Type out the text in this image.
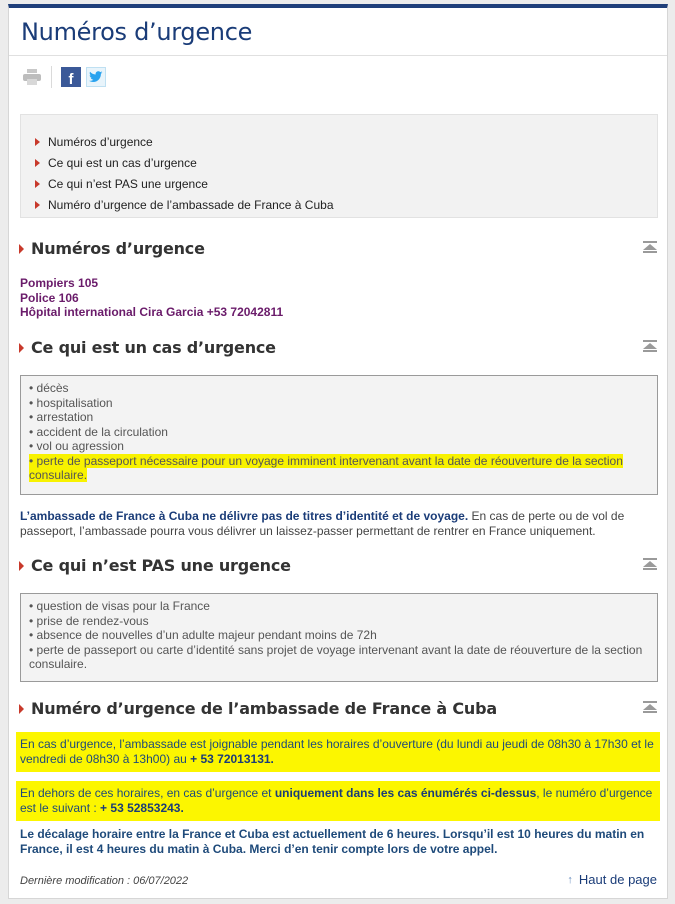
Numéros d’urgence
f
Numéros d’urgence
Ce qui est un cas d’urgence
Ce qui n’est PAS une urgence
Numéro d’urgence de l’ambassade de France à Cuba
Numéros d’urgence
Pompiers 105
Police 106
Hôpital international Cira Garcia +53 72042811
Ce qui est un cas d’urgence
• décès
• hospitalisation
• arrestation
• accident de la circulation
• vol ou agression
• perte de passeport nécessaire pour un voyage imminent intervenant avant la date de réouverture de la section consulaire.
L’ambassade de France à Cuba ne délivre pas de titres d’identité et de voyage. En cas de perte ou de vol de passeport, l’ambassade pourra vous délivrer un laissez-passer permettant de rentrer en France uniquement.
Ce qui n’est PAS une urgence
• question de visas pour la France
• prise de rendez-vous
• absence de nouvelles d’un adulte majeur pendant moins de 72h
• perte de passeport ou carte d’identité sans projet de voyage intervenant avant la date de réouverture de la section consulaire.
Numéro d’urgence de l’ambassade de France à Cuba
En cas d’urgence, l’ambassade est joignable pendant les horaires d’ouverture (du lundi au jeudi de 08h30 à 17h30 et le vendredi de 08h30 à 13h00) au + 53 72013131.
En dehors de ces horaires, en cas d’urgence et uniquement dans les cas énumérés ci-dessus, le numéro d’urgence est le suivant : + 53 52853243.
Le décalage horaire entre la France et Cuba est actuellement de 6 heures. Lorsqu’il est 10 heures du matin en France, il est 4 heures du matin à Cuba. Merci d’en tenir compte lors de votre appel.
Dernière modification : 06/07/2022	↑ Haut de page
